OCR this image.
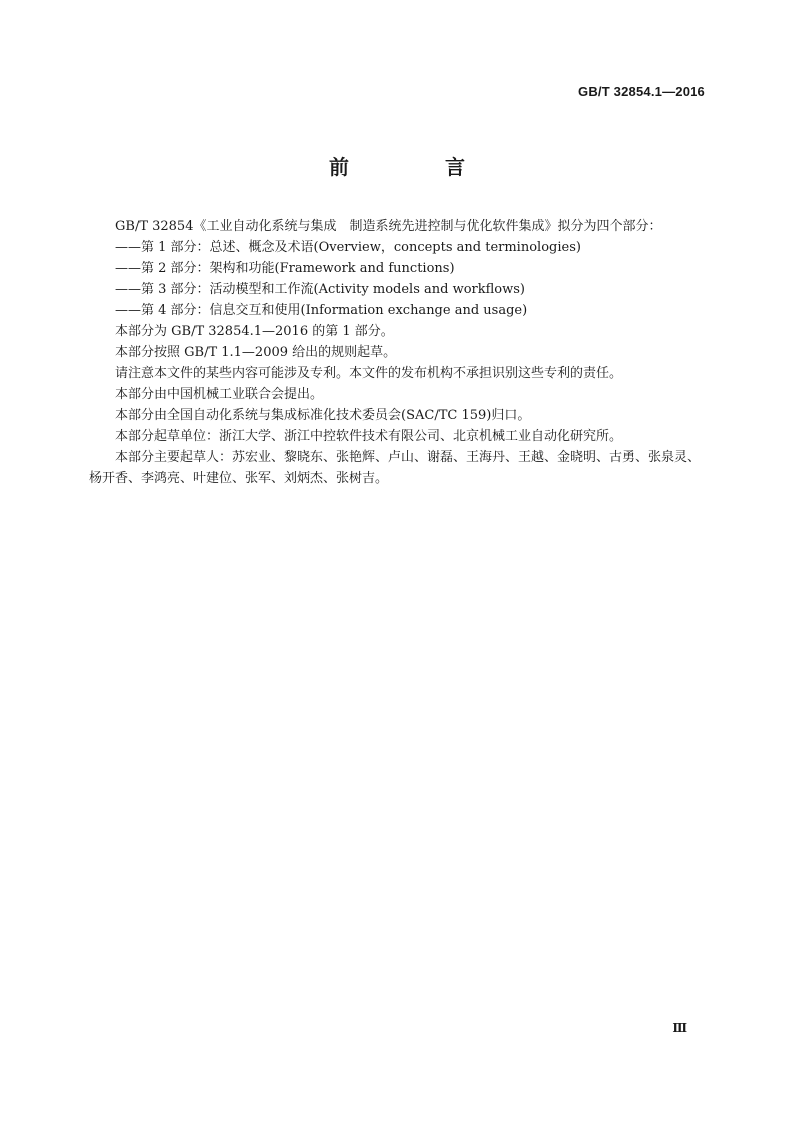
GB/T 32854.1—2016
前　言

GB/T 32854《工业自动化系统与集成　制造系统先进控制与优化软件集成》拟分为四个部分：

——第 1 部分：总述、概念及术语(Overview，concepts and terminologies)

——第 2 部分：架构和功能(Framework and functions)

——第 3 部分：活动模型和工作流(Activity models and workflows)

——第 4 部分：信息交互和使用(Information exchange and usage)

本部分为 GB/T 32854.1—2016 的第 1 部分。

本部分按照 GB/T 1.1—2009 给出的规则起草。

请注意本文件的某些内容可能涉及专利。本文件的发布机构不承担识别这些专利的责任。

本部分由中国机械工业联合会提出。

本部分由全国自动化系统与集成标准化技术委员会(SAC/TC 159)归口。

本部分起草单位：浙江大学、浙江中控软件技术有限公司、北京机械工业自动化研究所。

本部分主要起草人：苏宏业、黎晓东、张艳辉、卢山、谢磊、王海丹、王越、金晓明、古勇、张泉灵、杨开香、李鸿亮、叶建位、张军、刘炳杰、张树吉。

Ⅲ
